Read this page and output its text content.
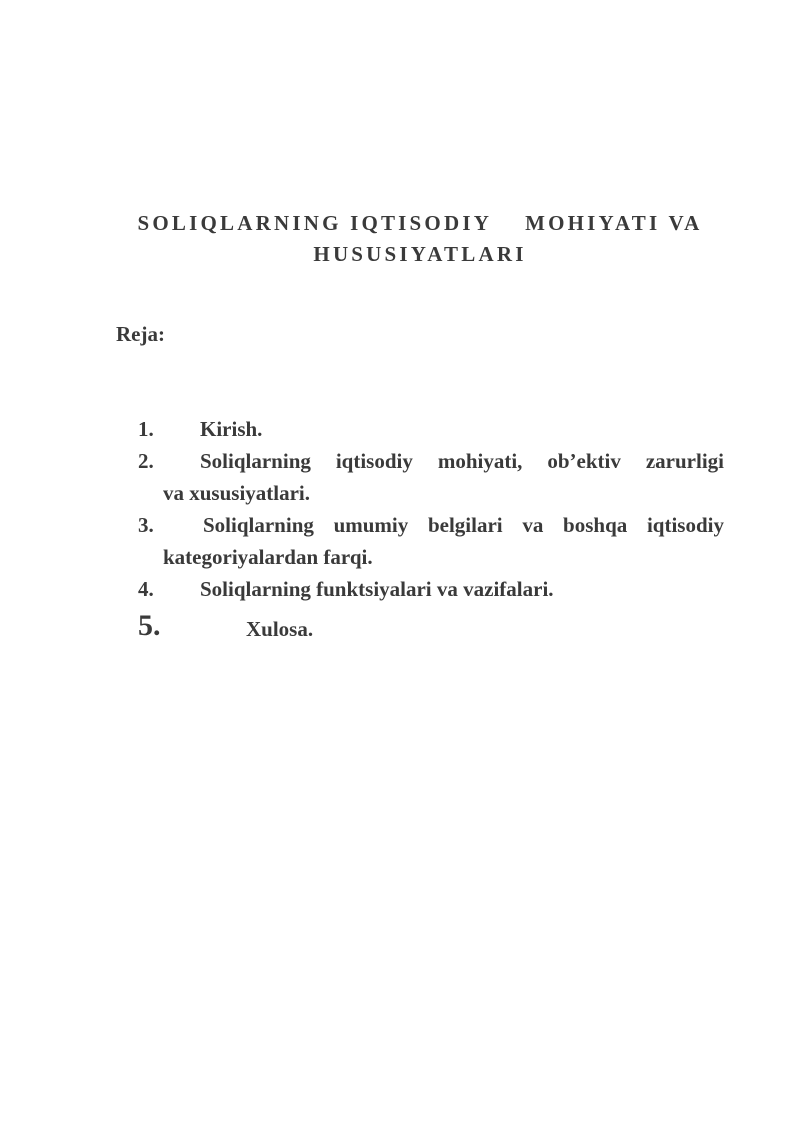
SOLIQLARNING IQTISODIY    MOHIYATI VA
HUSUSIYATLARI
Reja:
1. Kirish.
2. Soliqlarning iqtisodiy mohiyati, ob’ektiv zarurligi
va xususiyatlari.
3. Soliqlarning umumiy belgilari va boshqa iqtisodiy
kategoriyalardan farqi.
4. Soliqlarning funktsiyalari va vazifalari.
5.	Xulosa.
